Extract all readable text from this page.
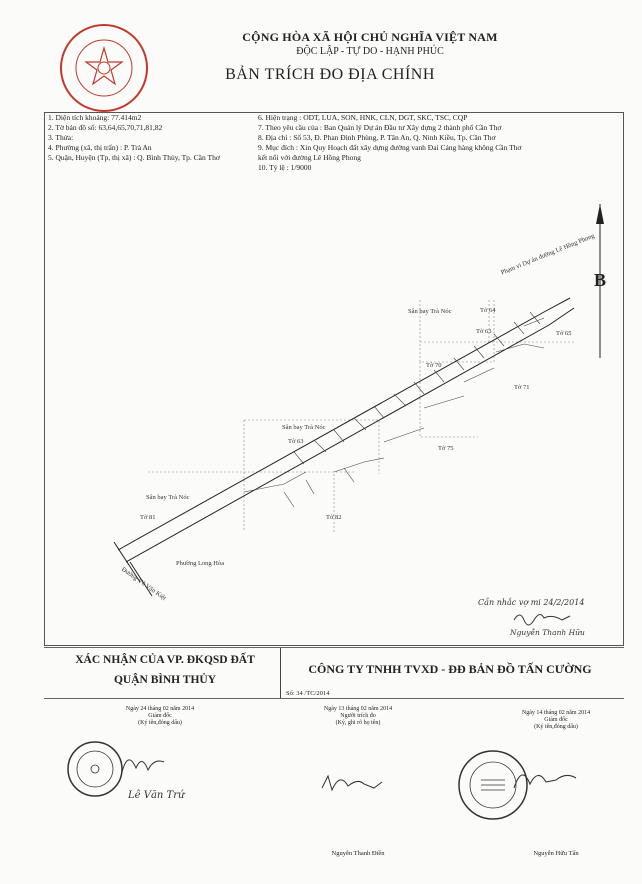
CỘNG HÒA XÃ HỘI CHỦ NGHĨA VIỆT NAM
ĐỘC LẬP - TỰ DO - HẠNH PHÚC
BẢN TRÍCH ĐO ĐỊA CHÍNH
1. Diện tích khoảng: 77.414m2
2. Tờ bản đồ số: 63,64,65,70,71,81,82
3. Thửa:
4. Phường (xã, thị trấn) : P. Trà An
5. Quận, Huyện (Tp, thị xã) : Q. Bình Thủy, Tp. Cần Thơ
6. Hiện trạng : ODT, LUA, SON, HNK, CLN, DGT, SKC, TSC, CQP
7. Theo yêu cầu của : Ban Quản lý Dự án Đầu tư Xây dựng 2 thành phố Cần Thơ
8. Địa chỉ : Số 53, Đ. Phan Đình Phùng, P. Tân An, Q. Ninh Kiều, Tp. Cần Thơ
9. Mục đích : Xin Quy Hoạch đất xây dựng đường vanh Đai Cảng hàng không Cần Thơ
kết nối với đường Lê Hồng Phong
10. Tỷ lệ : 1/9000
B
Phạm vi Dự án đường Lê Hồng Phong
Sân bay Trà Nóc	Tờ 64
Tờ 63	Tờ 65
Tờ 70
Tờ 71
Sân bay Trà Nóc
Tờ 63
Tờ 75
Sân bay Trà Nóc
Tờ 81	Tờ 82
Phường Long Hòa
Đường Võ Văn Kiệt
Cần nhắc vợ mi 24/2/2014
Nguyễn Thanh Hữu
XÁC NHẬN CỦA VP. ĐKQSD ĐẤT
QUẬN BÌNH THỦY
CÔNG TY TNHH TVXD - ĐĐ BẢN ĐỒ TẤN CƯỜNG
Số: 34 /TC/2014
Ngày 24 tháng 02 năm 2014
Giám đốc
(Ký tên,đóng dấu)
Ngày 13 tháng 02 năm 2014
Người trích đo
(Ký, ghi rõ họ tên)
Ngày 14 tháng 02 năm 2014
Giám đốc
(Ký tên,đóng dấu)
Lê Văn Trứ
Nguyễn Thanh Điền	Nguyễn Hữu Tấn
